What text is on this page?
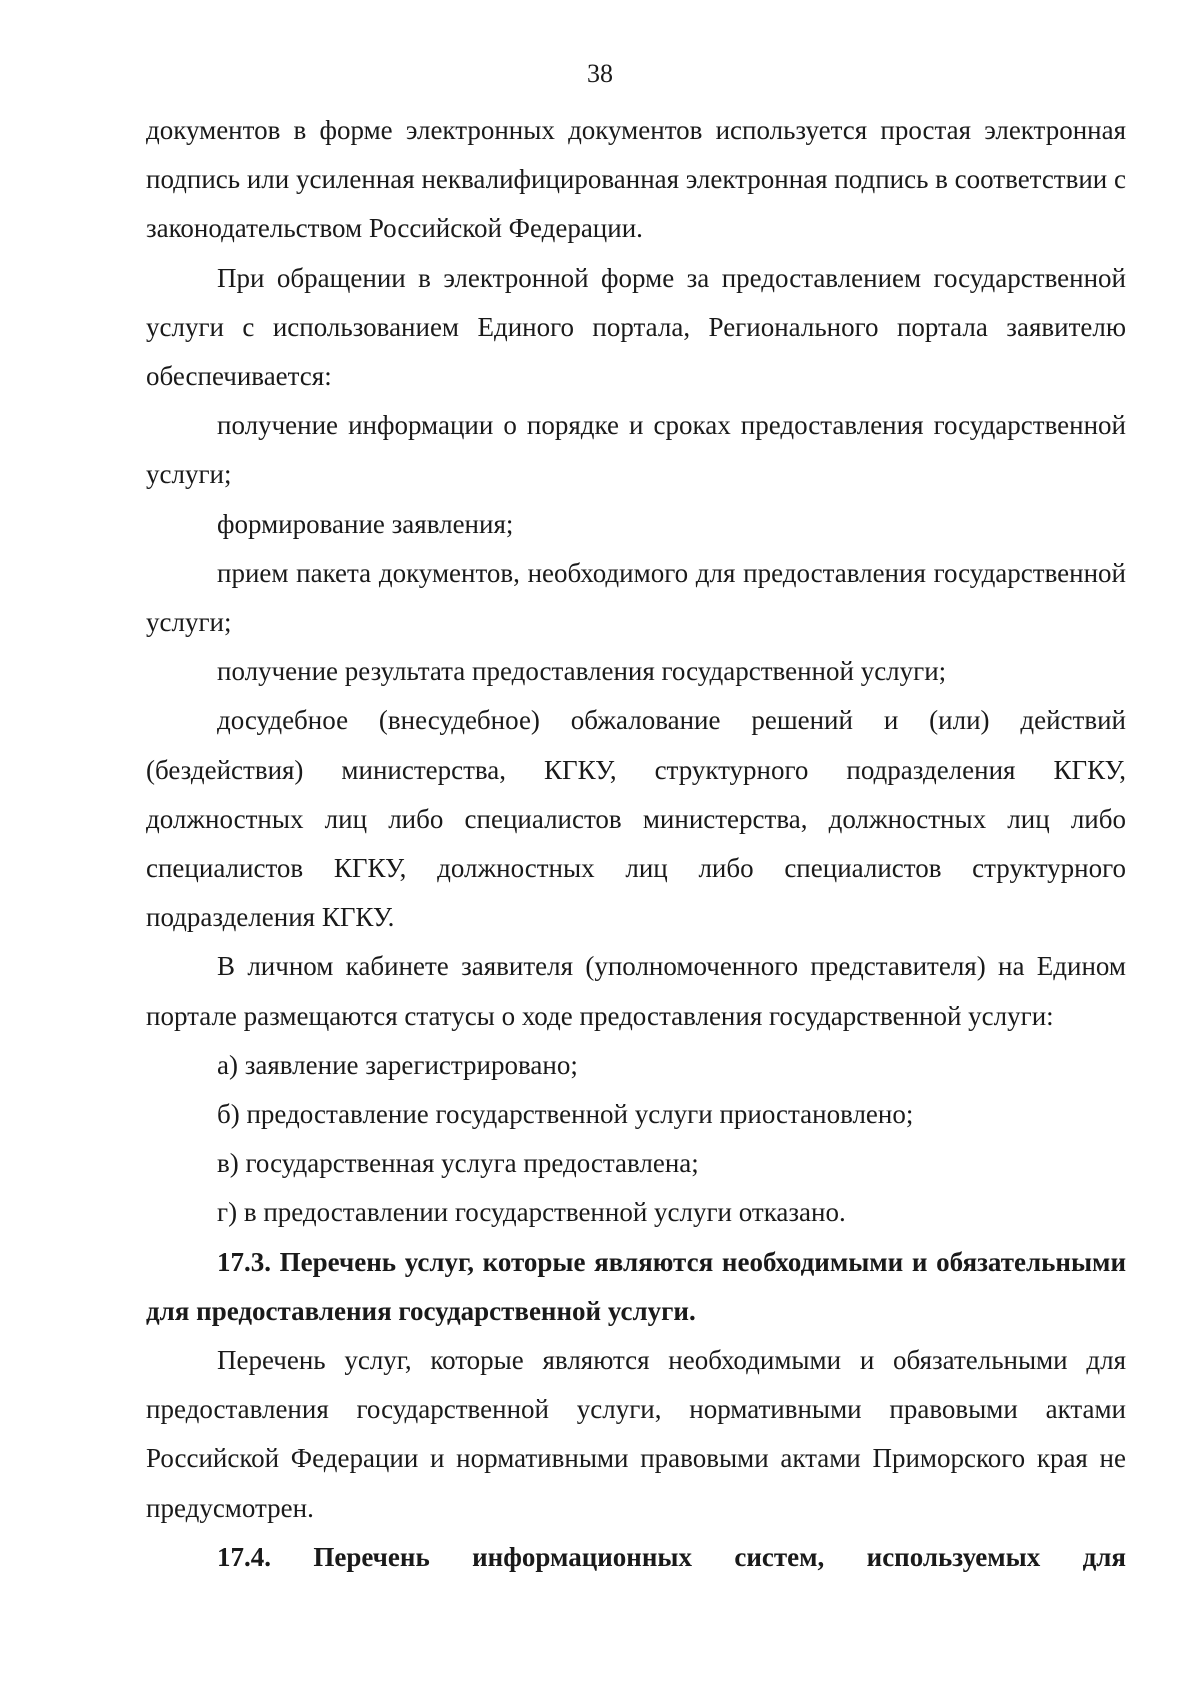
38

документов в форме электронных документов используется простая электронная подпись или усиленная неквалифицированная электронная подпись в соответствии с законодательством Российской Федерации.

При обращении в электронной форме за предоставлением государственной услуги с использованием Единого портала, Регионального портала заявителю обеспечивается:

получение информации о порядке и сроках предоставления государственной услуги;

формирование заявления;

прием пакета документов, необходимого для предоставления государственной услуги;

получение результата предоставления государственной услуги;

досудебное (внесудебное) обжалование решений и (или) действий (бездействия) министерства, КГКУ, структурного подразделения КГКУ, должностных лиц либо специалистов министерства, должностных лиц либо специалистов КГКУ, должностных лиц либо специалистов структурного подразделения КГКУ.

В личном кабинете заявителя (уполномоченного представителя) на Едином портале размещаются статусы о ходе предоставления государственной услуги:

а) заявление зарегистрировано;

б) предоставление государственной услуги приостановлено;

в) государственная услуга предоставлена;

г) в предоставлении государственной услуги отказано.

17.3. Перечень услуг, которые являются необходимыми и обязательными для предоставления государственной услуги.

Перечень услуг, которые являются необходимыми и обязательными для предоставления государственной услуги, нормативными правовыми актами Российской Федерации и нормативными правовыми актами Приморского края не предусмотрен.

17.4. Перечень информационных систем, используемых для
